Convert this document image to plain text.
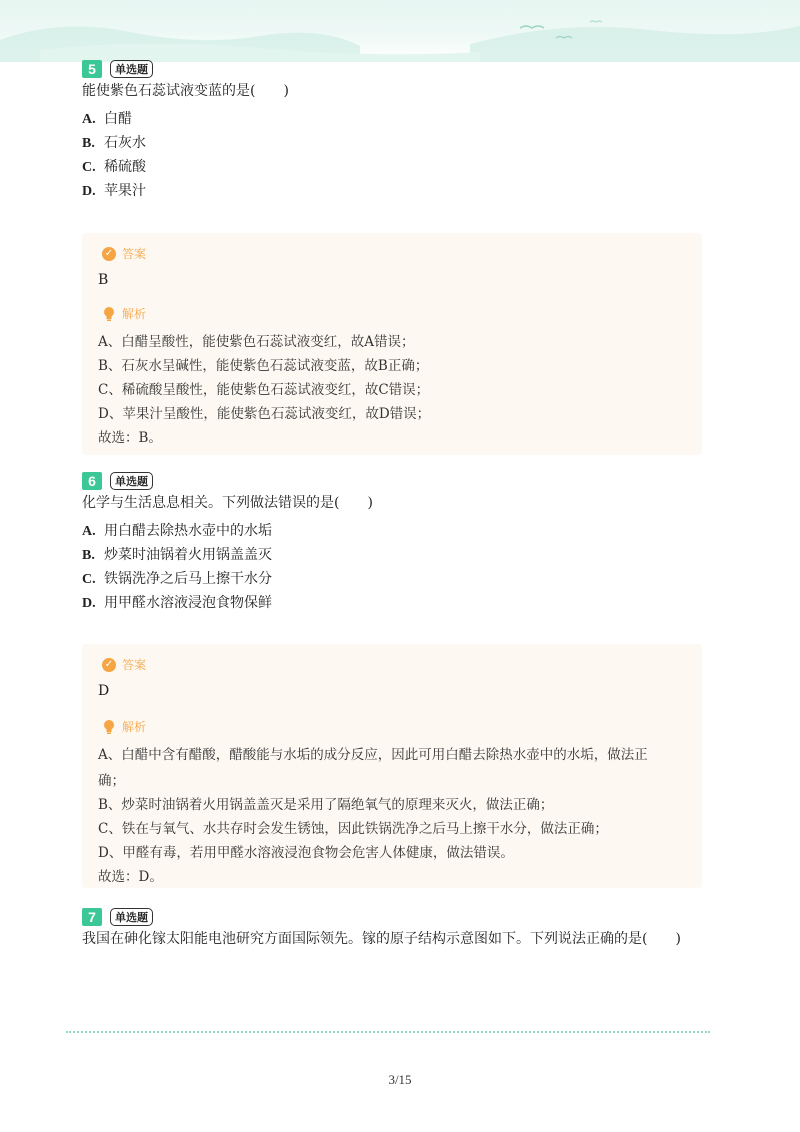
5	单选题
能使紫色石蕊试液变蓝的是(　　)
A. 白醋
B. 石灰水
C. 稀硫酸
D. 苹果汁
✓ 答案
B
解析
A、白醋呈酸性，能使紫色石蕊试液变红，故A错误；
B、石灰水呈碱性，能使紫色石蕊试液变蓝，故B正确；
C、稀硫酸呈酸性，能使紫色石蕊试液变红，故C错误；
D、苹果汁呈酸性，能使紫色石蕊试液变红，故D错误；
故选：B。
6	单选题
化学与生活息息相关。下列做法错误的是(　　)
A. 用白醋去除热水壶中的水垢
B. 炒菜时油锅着火用锅盖盖灭
C. 铁锅洗净之后马上擦干水分
D. 用甲醛水溶液浸泡食物保鲜
✓ 答案
D
解析
A、白醋中含有醋酸，醋酸能与水垢的成分反应，因此可用白醋去除热水壶中的水垢，做法正
确；
B、炒菜时油锅着火用锅盖盖灭是采用了隔绝氧气的原理来灭火，做法正确；
C、铁在与氧气、水共存时会发生锈蚀，因此铁锅洗净之后马上擦干水分，做法正确；
D、甲醛有毒，若用甲醛水溶液浸泡食物会危害人体健康，做法错误。
故选：D。
7	单选题
我国在砷化镓太阳能电池研究方面国际领先。镓的原子结构示意图如下。下列说法正确的是(　　)
3/15
